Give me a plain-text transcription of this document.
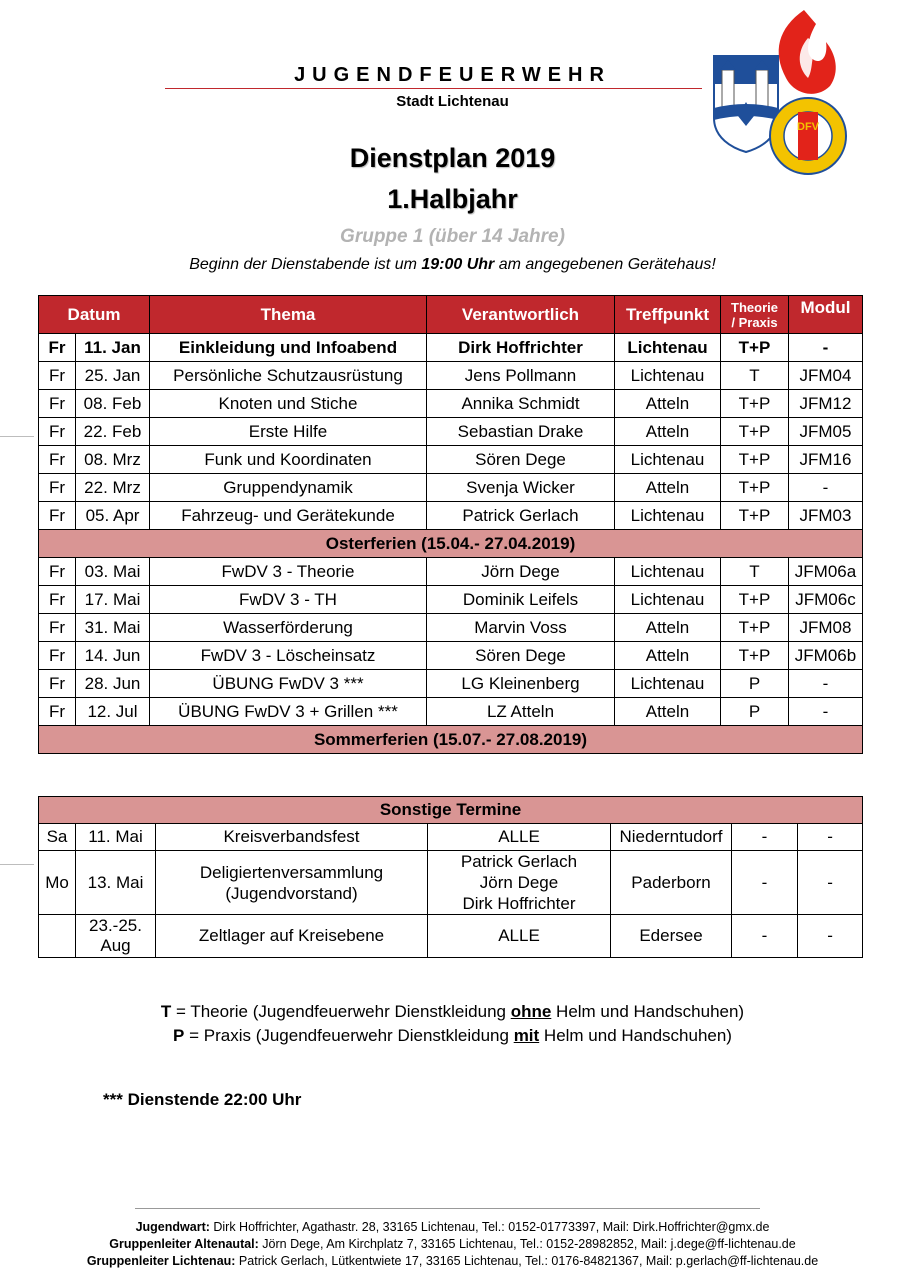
JUGENDFEUERWEHR
Stadt Lichtenau
Dienstplan 2019
1.Halbjahr
Gruppe 1 (über 14 Jahre)
Beginn der Dienstabende ist um 19:00 Uhr am angegebenen Gerätehaus!
DFV
Datum		Thema	Verantwortlich	Treffpunkt	Theorie
/ Praxis	Modul
Fr	11. Jan	Einkleidung und Infoabend	Dirk Hoffrichter	Lichtenau	T+P	-
Fr	25. Jan	Persönliche Schutzausrüstung	Jens Pollmann	Lichtenau	T	JFM04
Fr	08. Feb	Knoten und Stiche	Annika Schmidt	Atteln	T+P	JFM12
Fr	22. Feb	Erste Hilfe	Sebastian Drake	Atteln	T+P	JFM05
Fr	08. Mrz	Funk und Koordinaten	Sören Dege	Lichtenau	T+P	JFM16
Fr	22. Mrz	Gruppendynamik	Svenja Wicker	Atteln	T+P	-
Fr	05. Apr	Fahrzeug- und Gerätekunde	Patrick Gerlach	Lichtenau	T+P	JFM03
Osterferien (15.04.- 27.04.2019)						
Fr	03. Mai	FwDV 3 - Theorie	Jörn Dege	Lichtenau	T	JFM06a
Fr	17. Mai	FwDV 3 - TH	Dominik Leifels	Lichtenau	T+P	JFM06c
Fr	31. Mai	Wasserförderung	Marvin Voss	Atteln	T+P	JFM08
Fr	14. Jun	FwDV 3 - Löscheinsatz	Sören Dege	Atteln	T+P	JFM06b
Fr	28. Jun	ÜBUNG FwDV 3 ***	LG Kleinenberg	Lichtenau	P	-
Fr	12. Jul	ÜBUNG FwDV 3 + Grillen ***	LZ Atteln	Atteln	P	-
Sommerferien (15.07.- 27.08.2019)						
Sonstige Termine						
Sa	11. Mai	Kreisverbandsfest	ALLE	Niederntudorf	-	-
Mo	13. Mai	Deligiertenversammlung (Jugendvorstand)	Patrick Gerlach
Jörn Dege
Dirk Hoffrichter	Paderborn	-	-
	23.-25. Aug	Zeltlager auf Kreisebene	ALLE	Edersee	-	-
T = Theorie (Jugendfeuerwehr Dienstkleidung ohne Helm und Handschuhen)
P = Praxis (Jugendfeuerwehr Dienstkleidung mit Helm und Handschuhen)
*** Dienstende 22:00 Uhr
Jugendwart: Dirk Hoffrichter, Agathastr. 28, 33165 Lichtenau, Tel.: 0152-01773397, Mail: Dirk.Hoffrichter@gmx.de
Gruppenleiter Altenautal: Jörn Dege, Am Kirchplatz 7, 33165 Lichtenau, Tel.: 0152-28982852, Mail: j.dege@ff-lichtenau.de
Gruppenleiter Lichtenau: Patrick Gerlach, Lütkentwiete 17, 33165 Lichtenau, Tel.: 0176-84821367, Mail: p.gerlach@ff-lichtenau.de
